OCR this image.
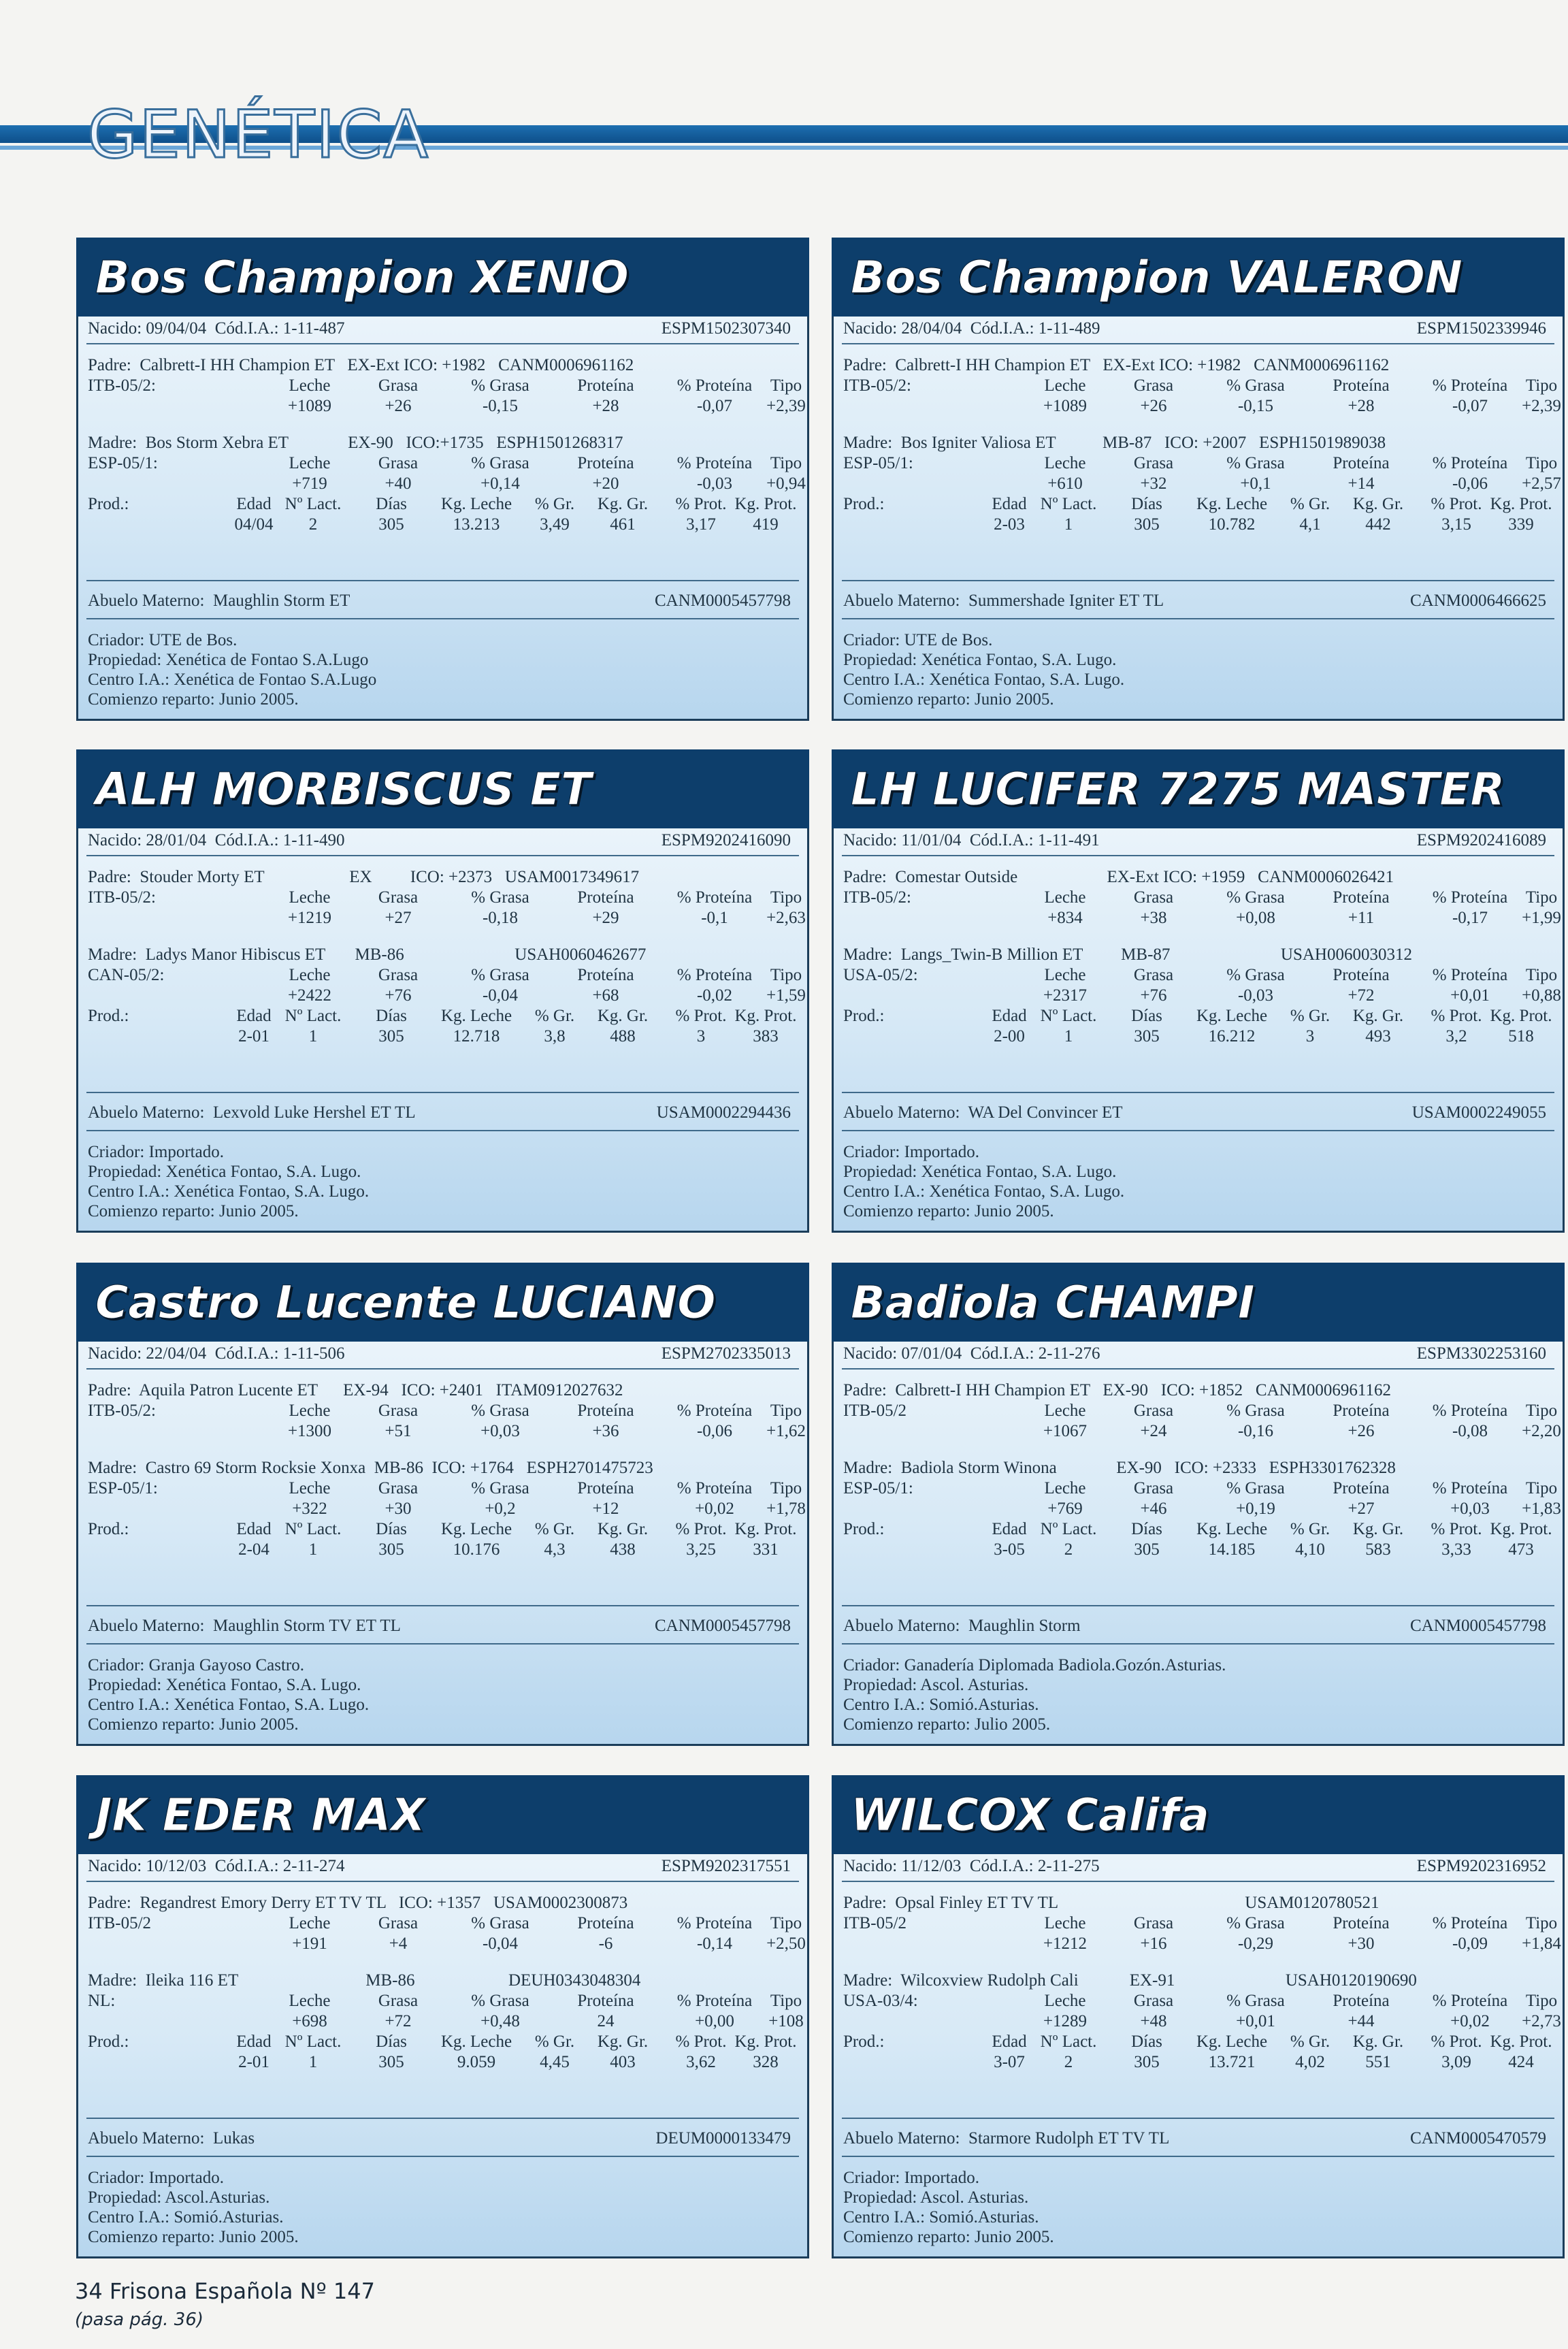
GENÉTICA
Bos Champion XENIO
Nacido: 09/04/04  Cód.I.A.: 1-11-487	ESPM1502307340
Padre:  Calbrett-I HH Champion ET   EX-Ext ICO: +1982   CANM0006961162
ITB-05/2:	Leche	Grasa	% Grasa	Proteína	% Proteína Tipo
+1089	+26	-0,15	+28	-0,07 +2,39
Madre:  Bos Storm Xebra ET              EX-90   ICO:+1735   ESPH1501268317
ESP-05/1:	Leche	Grasa	% Grasa	Proteína	% Proteína Tipo
+719	+40	+0,14	+20	-0,03 +0,94
Prod.:	Edad Nº Lact. Días Kg. Leche % Gr. Kg. Gr. % Prot. Kg. Prot.
04/04 2	305	13.213 3,49 461	3,17 419
Abuelo Materno:  Maughlin Storm ET	CANM0005457798
Criador: UTE de Bos.
Propiedad: Xenética de Fontao S.A.Lugo
Centro I.A.: Xenética de Fontao S.A.Lugo
Comienzo reparto: Junio 2005.
Bos Champion VALERON
Nacido: 28/04/04  Cód.I.A.: 1-11-489	ESPM1502339946
Padre:  Calbrett-I HH Champion ET   EX-Ext ICO: +1982   CANM0006961162
ITB-05/2:	Leche	Grasa	% Grasa	Proteína	% Proteína Tipo
+1089	+26	-0,15	+28	-0,07 +2,39
Madre:  Bos Igniter Valiosa ET           MB-87   ICO: +2007   ESPH1501989038
ESP-05/1:	Leche	Grasa	% Grasa	Proteína	% Proteína Tipo
+610	+32	+0,1	+14	-0,06 +2,57
Prod.:	Edad Nº Lact. Días Kg. Leche % Gr. Kg. Gr. % Prot. Kg. Prot.
2-03 1	305	10.782	4,1	442	3,15 339
Abuelo Materno:  Summershade Igniter ET TL	CANM0006466625
Criador: UTE de Bos.
Propiedad: Xenética Fontao, S.A. Lugo.
Centro I.A.: Xenética Fontao, S.A. Lugo.
Comienzo reparto: Junio 2005.
ALH MORBISCUS ET
Nacido: 28/01/04  Cód.I.A.: 1-11-490	ESPM9202416090
Padre:  Stouder Morty ET                    EX         ICO: +2373   USAM0017349617
ITB-05/2:	Leche	Grasa	% Grasa	Proteína	% Proteína Tipo
+1219	+27	-0,18	+29	-0,1 +2,63
Madre:  Ladys Manor Hibiscus ET       MB-86                          USAH0060462677
CAN-05/2:	Leche	Grasa	% Grasa	Proteína	% Proteína Tipo
+2422	+76	-0,04	+68	-0,02 +1,59
Prod.:	Edad Nº Lact. Días Kg. Leche % Gr. Kg. Gr. % Prot. Kg. Prot.
2-01 1	305	12.718	3,8	488	3	383
Abuelo Materno:  Lexvold Luke Hershel ET TL	USAM0002294436
Criador: Importado.
Propiedad: Xenética Fontao, S.A. Lugo.
Centro I.A.: Xenética Fontao, S.A. Lugo.
Comienzo reparto: Junio 2005.
LH LUCIFER 7275 MASTER
Nacido: 11/01/04  Cód.I.A.: 1-11-491	ESPM9202416089
Padre:  Comestar Outside                     EX-Ext ICO: +1959   CANM0006026421
ITB-05/2:	Leche	Grasa	% Grasa	Proteína	% Proteína Tipo
+834	+38	+0,08	+11	-0,17 +1,99
Madre:  Langs_Twin-B Million ET         MB-87                          USAH0060030312
USA-05/2:	Leche	Grasa	% Grasa	Proteína	% Proteína Tipo
+2317	+76	-0,03	+72	+0,01 +0,88
Prod.:	Edad Nº Lact. Días Kg. Leche % Gr. Kg. Gr. % Prot. Kg. Prot.
2-00 1	305	16.212	3	493	3,2 518
Abuelo Materno:  WA Del Convincer ET	USAM0002249055
Criador: Importado.
Propiedad: Xenética Fontao, S.A. Lugo.
Centro I.A.: Xenética Fontao, S.A. Lugo.
Comienzo reparto: Junio 2005.
Castro Lucente LUCIANO
Nacido: 22/04/04  Cód.I.A.: 1-11-506	ESPM2702335013
Padre:  Aquila Patron Lucente ET      EX-94   ICO: +2401   ITAM0912027632
ITB-05/2:	Leche	Grasa	% Grasa	Proteína	% Proteína Tipo
+1300	+51	+0,03	+36	-0,06 +1,62
Madre:  Castro 69 Storm Rocksie Xonxa  MB-86  ICO: +1764   ESPH2701475723
ESP-05/1:	Leche	Grasa	% Grasa	Proteína	% Proteína Tipo
+322	+30	+0,2	+12	+0,02 +1,78
Prod.:	Edad Nº Lact. Días Kg. Leche % Gr. Kg. Gr. % Prot. Kg. Prot.
2-04 1	305	10.176	4,3	438	3,25 331
Abuelo Materno:  Maughlin Storm TV ET TL	CANM0005457798
Criador: Granja Gayoso Castro.
Propiedad: Xenética Fontao, S.A. Lugo.
Centro I.A.: Xenética Fontao, S.A. Lugo.
Comienzo reparto: Junio 2005.
Badiola CHAMPI
Nacido: 07/01/04  Cód.I.A.: 2-11-276	ESPM3302253160
Padre:  Calbrett-I HH Champion ET   EX-90   ICO: +1852   CANM0006961162
ITB-05/2	Leche	Grasa	% Grasa	Proteína	% Proteína Tipo
+1067	+24	-0,16	+26	-0,08 +2,20
Madre:  Badiola Storm Winona              EX-90   ICO: +2333   ESPH3301762328
ESP-05/1:	Leche	Grasa	% Grasa	Proteína	% Proteína Tipo
+769	+46	+0,19	+27	+0,03 +1,83
Prod.:	Edad Nº Lact. Días Kg. Leche % Gr. Kg. Gr. % Prot. Kg. Prot.
3-05 2	305	14.185 4,10 583	3,33 473
Abuelo Materno:  Maughlin Storm	CANM0005457798
Criador: Ganadería Diplomada Badiola.Gozón.Asturias.
Propiedad: Ascol. Asturias.
Centro I.A.: Somió.Asturias.
Comienzo reparto: Julio 2005.
JK EDER MAX
Nacido: 10/12/03  Cód.I.A.: 2-11-274	ESPM9202317551
Padre:  Regandrest Emory Derry ET TV TL   ICO: +1357   USAM0002300873
ITB-05/2	Leche	Grasa	% Grasa	Proteína	% Proteína Tipo
+191	+4	-0,04	-6	-0,14 +2,50
Madre:  Ileika 116 ET                              MB-86                      DEUH0343048304
NL:	Leche	Grasa	% Grasa	Proteína	% Proteína Tipo
+698	+72	+0,48	24	+0,00 +108
Prod.:	Edad Nº Lact. Días Kg. Leche % Gr. Kg. Gr. % Prot. Kg. Prot.
2-01 1	305	9.059	4,45 403	3,62 328
Abuelo Materno:  Lukas	DEUM0000133479
Criador: Importado.
Propiedad: Ascol.Asturias.
Centro I.A.: Somió.Asturias.
Comienzo reparto: Junio 2005.
WILCOX Califa
Nacido: 11/12/03  Cód.I.A.: 2-11-275	ESPM9202316952
Padre:  Opsal Finley ET TV TL                                            USAM0120780521
ITB-05/2	Leche	Grasa	% Grasa	Proteína	% Proteína Tipo
+1212	+16	-0,29	+30	-0,09 +1,84
Madre:  Wilcoxview Rudolph Cali            EX-91                          USAH0120190690
USA-03/4:	Leche	Grasa	% Grasa	Proteína	% Proteína Tipo
+1289	+48	+0,01	+44	+0,02 +2,73
Prod.:	Edad Nº Lact. Días Kg. Leche % Gr. Kg. Gr. % Prot. Kg. Prot.
3-07 2	305	13.721 4,02 551	3,09 424
Abuelo Materno:  Starmore Rudolph ET TV TL	CANM0005470579
Criador: Importado.
Propiedad: Ascol. Asturias.
Centro I.A.: Somió.Asturias.
Comienzo reparto: Junio 2005.
34 Frisona Española Nº 147
(pasa pág. 36)
